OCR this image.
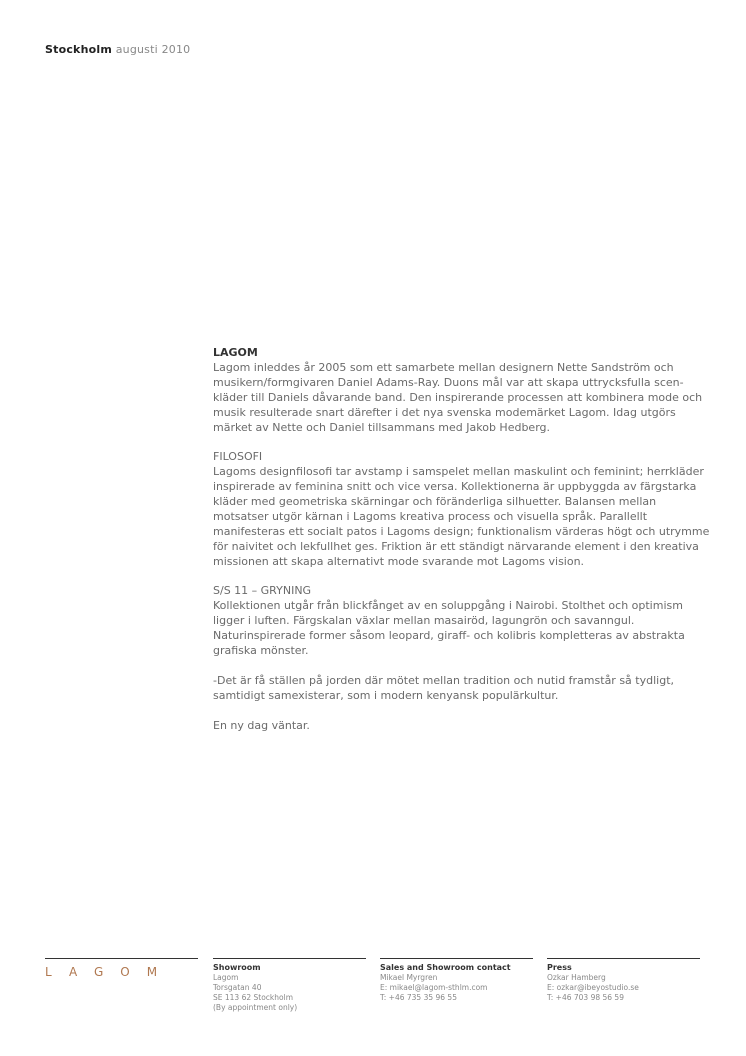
Stockholm augusti 2010
LAGOM

Lagom inleddes år 2005 som ett samarbete mellan designern Nette Sandström och musikern/formgivaren Daniel Adams-Ray. Duons mål var att skapa uttrycksfulla scen-kläder till Daniels dåvarande band. Den inspirerande processen att kombinera mode och musik resulterade snart därefter i det nya svenska modemärket Lagom. Idag utgörs märket av Nette och Daniel tillsammans med Jakob Hedberg.

FILOSOFI

Lagoms designfilosofi tar avstamp i samspelet mellan maskulint och feminint; herrkläder inspirerade av feminina snitt och vice versa. Kollektionerna är uppbyggda av färgstarka kläder med geometriska skärningar och föränderliga silhuetter. Balansen mellan motsatser utgör kärnan i Lagoms kreativa process och visuella språk. Parallellt manifesteras ett socialt patos i Lagoms design; funktionalism värderas högt och utrymme för naivitet och lekfullhet ges. Friktion är ett ständigt närvarande element i den kreativa missionen att skapa alternativt mode svarande mot Lagoms vision.

S/S 11 – GRYNING

Kollektionen utgår från blickfånget av en soluppgång i Nairobi. Stolthet och optimism ligger i luften. Färgskalan växlar mellan masairöd, lagungrön och savanngul. Naturinspirerade former såsom leopard, giraff- och kolibris kompletteras av abstrakta grafiska mönster.

-Det är få ställen på jorden där mötet mellan tradition och nutid framstår så tydligt, samtidigt samexisterar, som i modern kenyansk populärkultur.

En ny dag väntar.

LAGOM	Showroom
Lagom
Torsgatan 40
SE 113 62 Stockholm
(By appointment only)
Sales and Showroom contact
Mikael Myrgren
E: mikael@lagom-sthlm.com
T: +46 735 35 96 55
Press
Ozkar Hamberg
E: ozkar@ibeyostudio.se
T: +46 703 98 56 59
